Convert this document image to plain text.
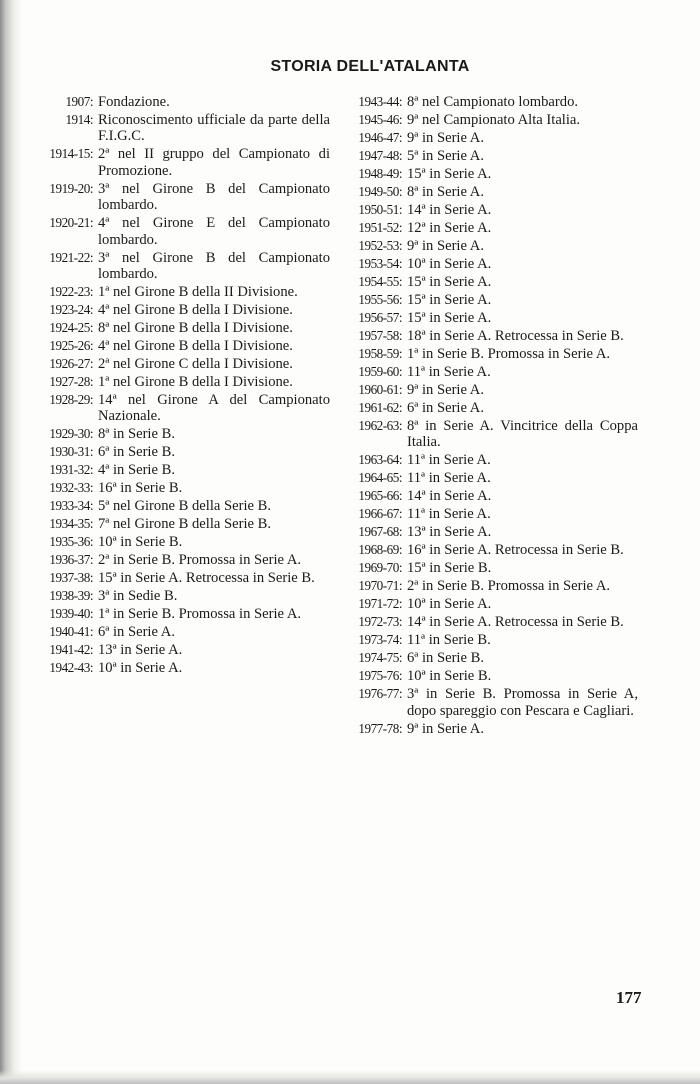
STORIA DELL'ATALANTA
1907: Fondazione.
1914: Riconoscimento ufficiale da parte della F.I.G.C.
1914-15: 2ª nel II gruppo del Campionato di Promozione.
1919-20: 3ª nel Girone B del Campionato lombardo.
1920-21: 4ª nel Girone E del Campionato lombardo.
1921-22: 3ª nel Girone B del Campionato lombardo.
1922-23: 1ª nel Girone B della II Divisione.
1923-24: 4ª nel Girone B della I Divisione.
1924-25: 8ª nel Girone B della I Divisione.
1925-26: 4ª nel Girone B della I Divisione.
1926-27: 2ª nel Girone C della I Divisione.
1927-28: 1ª nel Girone B della I Divisione.
1928-29: 14ª nel Girone A del Campionato Nazionale.
1929-30: 8ª in Serie B.
1930-31: 6ª in Serie B.
1931-32: 4ª in Serie B.
1932-33: 16ª in Serie B.
1933-34: 5ª nel Girone B della Serie B.
1934-35: 7ª nel Girone B della Serie B.
1935-36: 10ª in Serie B.
1936-37: 2ª in Serie B. Promossa in Serie A.
1937-38: 15ª in Serie A. Retrocessa in Serie B.
1938-39: 3ª in Sedie B.
1939-40: 1ª in Serie B. Promossa in Serie A.
1940-41: 6ª in Serie A.
1941-42: 13ª in Serie A.
1942-43: 10ª in Serie A.
1943-44: 8ª nel Campionato lombardo.
1945-46: 9ª nel Campionato Alta Italia.
1946-47: 9ª in Serie A.
1947-48: 5ª in Serie A.
1948-49: 15ª in Serie A.
1949-50: 8ª in Serie A.
1950-51: 14ª in Serie A.
1951-52: 12ª in Serie A.
1952-53: 9ª in Serie A.
1953-54: 10ª in Serie A.
1954-55: 15ª in Serie A.
1955-56: 15ª in Serie A.
1956-57: 15ª in Serie A.
1957-58: 18ª in Serie A. Retrocessa in Serie B.
1958-59: 1ª in Serie B. Promossa in Serie A.
1959-60: 11ª in Serie A.
1960-61: 9ª in Serie A.
1961-62: 6ª in Serie A.
1962-63: 8ª in Serie A. Vincitrice della Coppa Italia.
1963-64: 11ª in Serie A.
1964-65: 11ª in Serie A.
1965-66: 14ª in Serie A.
1966-67: 11ª in Serie A.
1967-68: 13ª in Serie A.
1968-69: 16ª in Serie A. Retrocessa in Serie B.
1969-70: 15ª in Serie B.
1970-71: 2ª in Serie B. Promossa in Serie A.
1971-72: 10ª in Serie A.
1972-73: 14ª in Serie A. Retrocessa in Serie B.
1973-74: 11ª in Serie B.
1974-75: 6ª in Serie B.
1975-76: 10ª in Serie B.
1976-77: 3ª in Serie B. Promossa in Serie A, dopo spareggio con Pescara e Cagliari.
1977-78: 9ª in Serie A.
177
